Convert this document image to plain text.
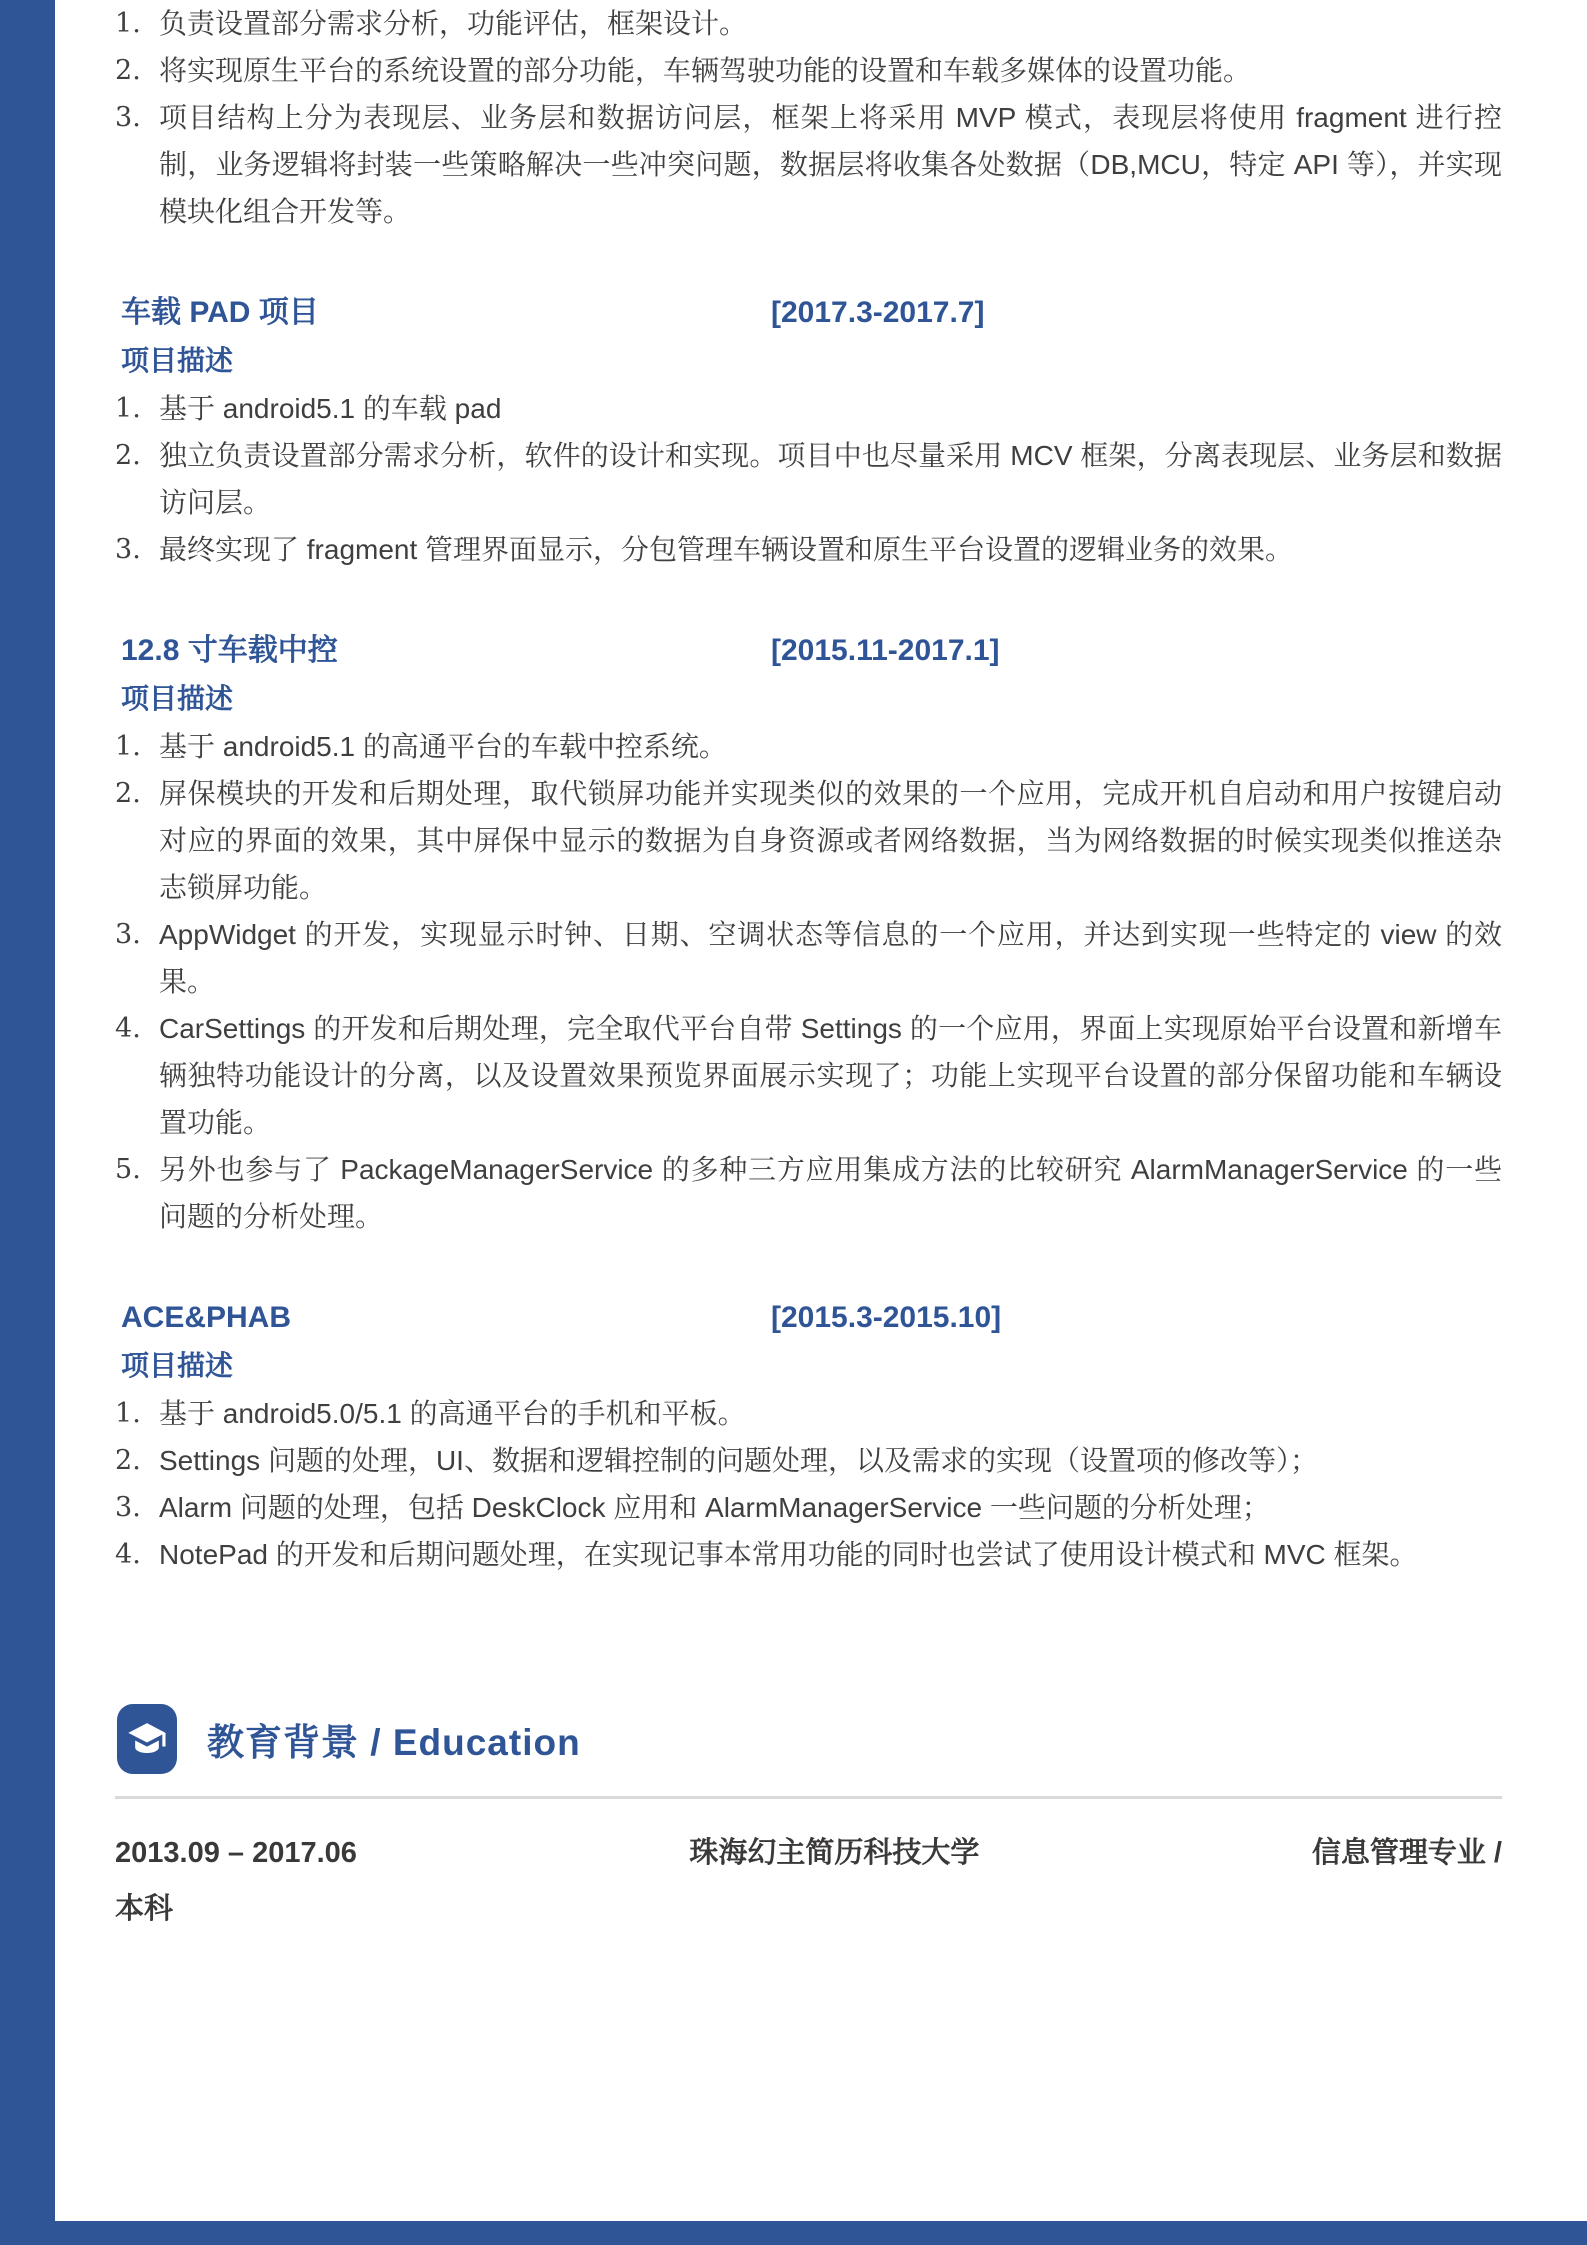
负责设置部分需求分析，功能评估，框架设计。
将实现原生平台的系统设置的部分功能，车辆驾驶功能的设置和车载多媒体的设置功能。
项目结构上分为表现层、业务层和数据访问层，框架上将采用 MVP 模式，表现层将使用 fragment 进行控制，业务逻辑将封装一些策略解决一些冲突问题，数据层将收集各处数据（DB,MCU，特定 API 等），并实现模块化组合开发等。
车载 PAD 项目	[2017.3-2017.7]
项目描述
基于 android5.1 的车载 pad
独立负责设置部分需求分析，软件的设计和实现。项目中也尽量采用 MCV 框架，分离表现层、业务层和数据访问层。
最终实现了 fragment 管理界面显示，分包管理车辆设置和原生平台设置的逻辑业务的效果。
12.8 寸车载中控	[2015.11-2017.1]
项目描述
基于 android5.1 的高通平台的车载中控系统。
屏保模块的开发和后期处理，取代锁屏功能并实现类似的效果的一个应用，完成开机自启动和用户按键启动对应的界面的效果，其中屏保中显示的数据为自身资源或者网络数据，当为网络数据的时候实现类似推送杂志锁屏功能。
AppWidget 的开发，实现显示时钟、日期、空调状态等信息的一个应用，并达到实现一些特定的 view 的效果。
CarSettings 的开发和后期处理，完全取代平台自带 Settings 的一个应用，界面上实现原始平台设置和新增车辆独特功能设计的分离，以及设置效果预览界面展示实现了；功能上实现平台设置的部分保留功能和车辆设置功能。
另外也参与了 PackageManagerService 的多种三方应用集成方法的比较研究 AlarmManagerService 的一些问题的分析处理。
ACE&PHAB	[2015.3-2015.10]
项目描述
基于 android5.0/5.1 的高通平台的手机和平板。
Settings 问题的处理，UI、数据和逻辑控制的问题处理，以及需求的实现（设置项的修改等）；
Alarm 问题的处理，包括 DeskClock 应用和 AlarmManagerService 一些问题的分析处理；
NotePad 的开发和后期问题处理，在实现记事本常用功能的同时也尝试了使用设计模式和 MVC 框架。
教育背景 / Education
2013.09 – 2017.06	珠海幻主简历科技大学	信息管理专业 /
本科
